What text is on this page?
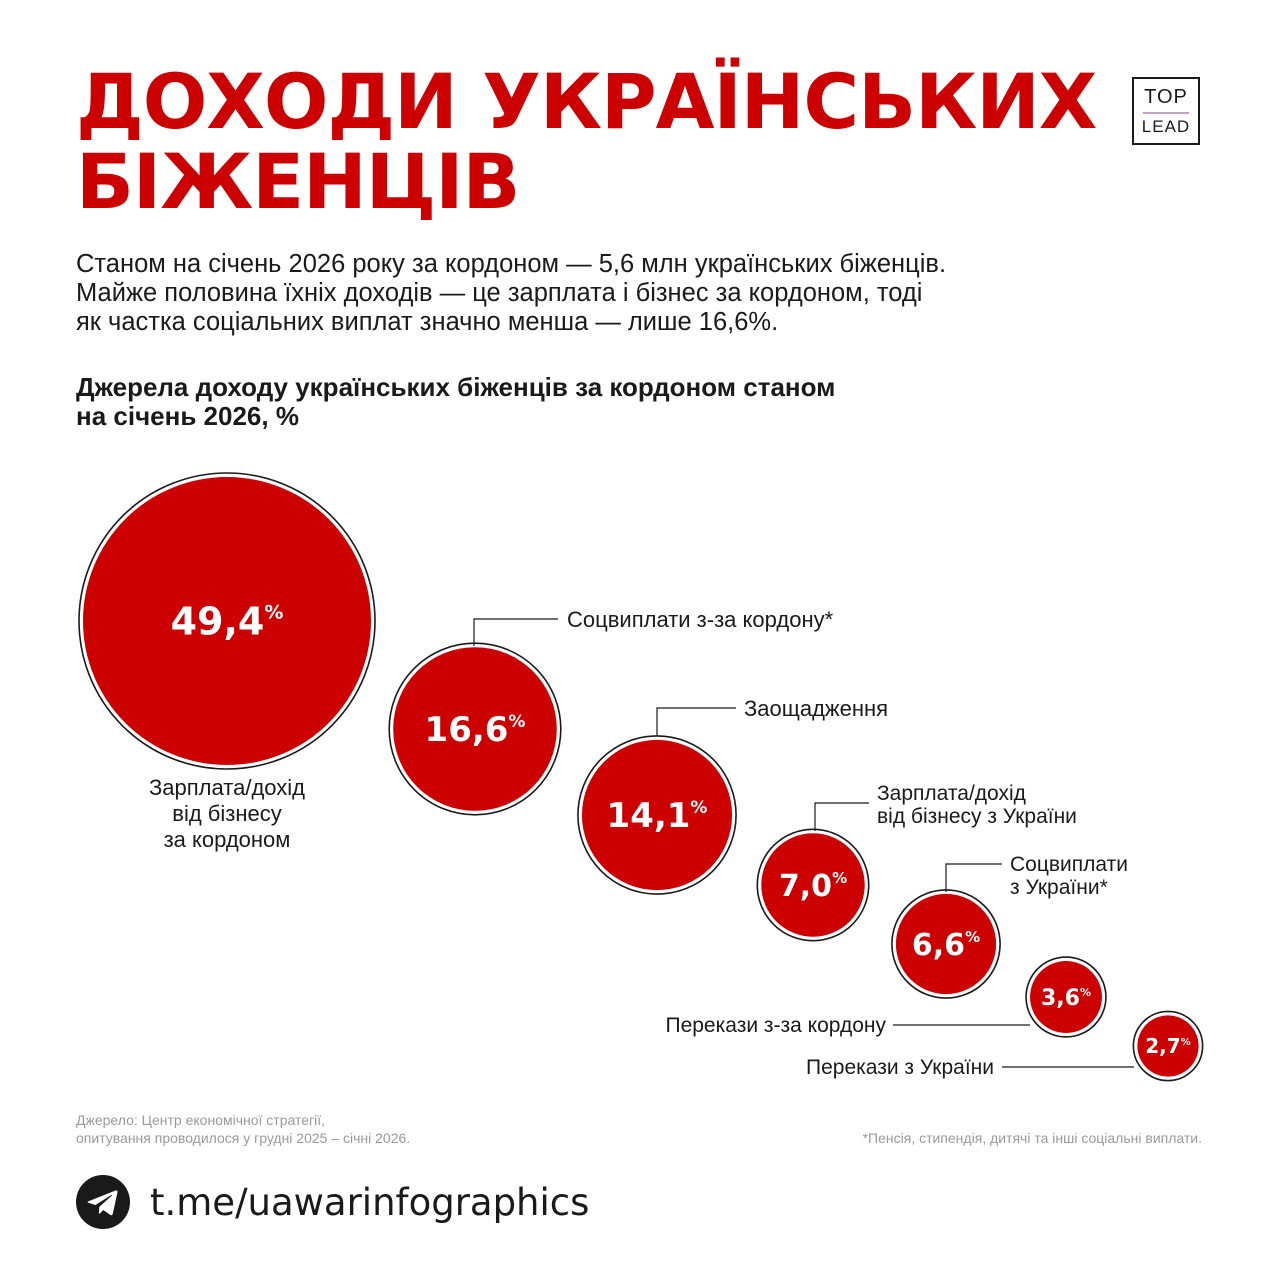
ДОХОДИ УКРАЇНСЬКИХ
БІЖЕНЦІВ
TOP
LEAD

Станом на січень 2026 року за кордоном — 5,6 млн українських біженців.
Майже половина їхніх доходів — це зарплата і бізнес за кордоном, тоді
як частка соціальних виплат значно менша — лише 16,6%.

Джерела доходу українських біженців за кордоном станом
на січень 2026, %
49,4%
Зарплата/дохід
від бізнесу
за кордоном
16,6%
Соцвиплати з-за кордону*
14,1%
Заощадження
7,0%
Зарплата/дохід
від бізнесу з України
6,6%
Соцвиплати
з України*
3,6%
Перекази з-за кордону
2,7%
Перекази з України

Джерело: Центр економічної стратегії,
опитування проводилося у грудні 2025 – січні 2026.	*Пенсія, стипендія, дитячі та інші соціальні виплати.

t.me/uawarinfographics
